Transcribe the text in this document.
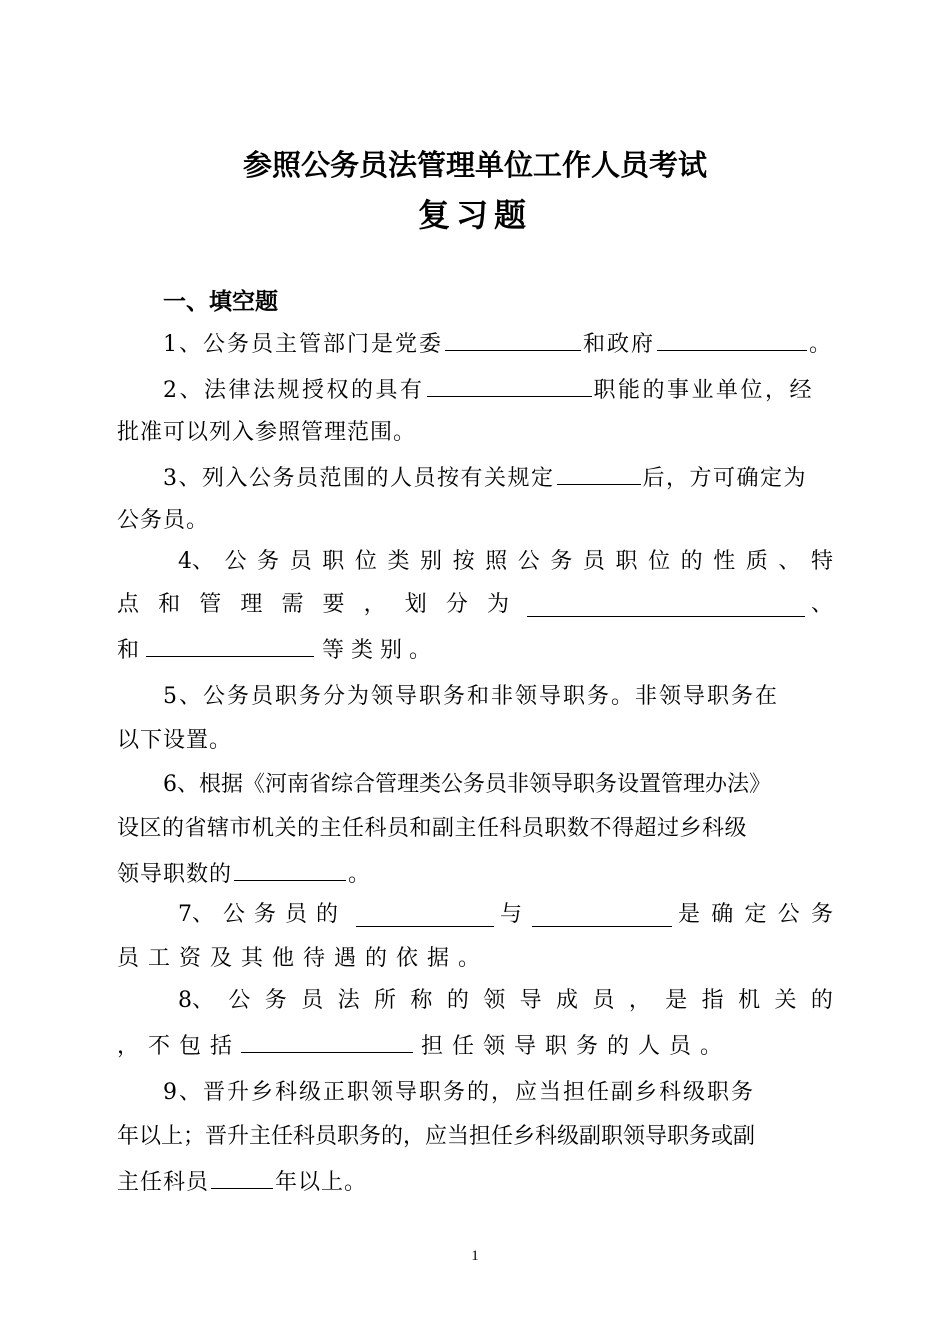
参照公务员法管理单位工作人员考试
复习题
一、填空题
1、公务员主管部门是党委	和政府	。
2、法律法规授权的具有	职能的事业单位，经
批准可以列入参照管理范围。
3、列入公务员范围的人员按有关规定	后，方可确定为
公务员。
4、 公 务 员 职 位 类 别 按 照 公 务 员 职 位 的 性 质 、 特
点 和 管 理 需 要 ， 划 分 为	、
和	等类别。
5、公务员职务分为领导职务和非领导职务。非领导职务在
以下设置。
6、根据《河南省综合管理类公务员非领导职务设置管理办法》
设区的省辖市机关的主任科员和副主任科员职数不得超过乡科级
领导职数的	。
7、 公 务 员 的	与	是 确 定 公 务
员工资及其他待遇的依据。
8、 公 务 员 法 所 称 的 领 导 成 员 ， 是 指 机 关 的
，不包括	担任领导职务的人员。
9、晋升乡科级正职领导职务的，应当担任副乡科级职务
年以上；晋升主任科员职务的，应当担任乡科级副职领导职务或副
主任科员	年以上。
1
